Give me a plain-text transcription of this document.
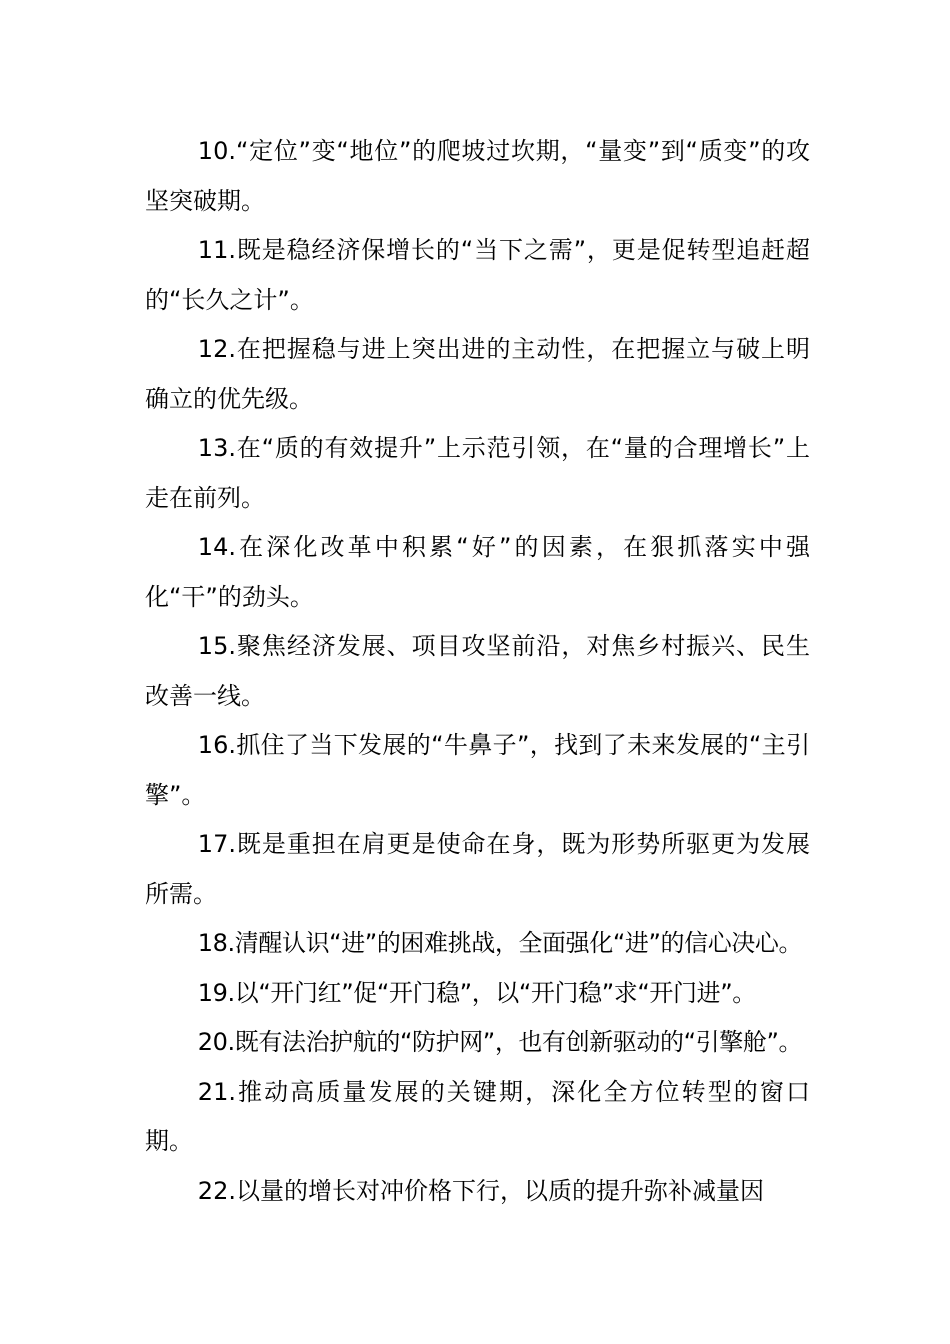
10.“定位”变“地位”的爬坡过坎期，“量变”到“质变”的攻坚突破期。

11.既是稳经济保增长的“当下之需”，更是促转型追赶超的“长久之计”。

12.在把握稳与进上突出进的主动性，在把握立与破上明确立的优先级。

13.在“质的有效提升”上示范引领，在“量的合理增长”上走在前列。

14.在深化改革中积累“好”的因素，在狠抓落实中强化“干”的劲头。

15.聚焦经济发展、项目攻坚前沿，对焦乡村振兴、民生改善一线。

16.抓住了当下发展的“牛鼻子”，找到了未来发展的“主引擎”。

17.既是重担在肩更是使命在身，既为形势所驱更为发展所需。

18.清醒认识“进”的困难挑战，全面强化“进”的信心决心。

19.以“开门红”促“开门稳”，以“开门稳”求“开门进”。

20.既有法治护航的“防护网”，也有创新驱动的“引擎舱”。

21.推动高质量发展的关键期，深化全方位转型的窗口期。

22.以量的增长对冲价格下行，以质的提升弥补减量因
